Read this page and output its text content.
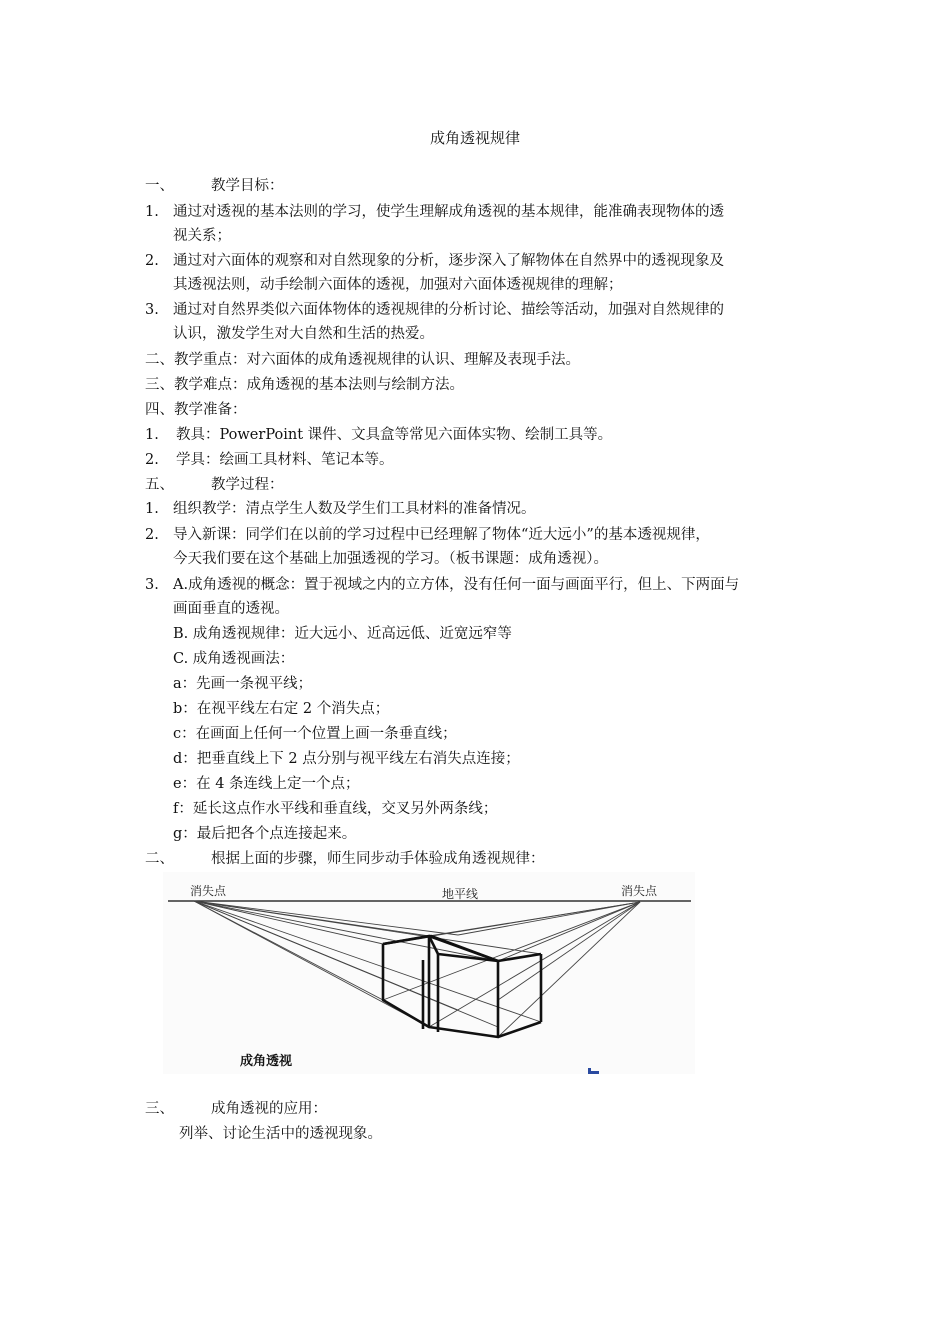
成角透视规律
一、	教学目标：
1. 通过对透视的基本法则的学习，使学生理解成角透视的基本规律，能准确表现物体的透
视关系；
2. 通过对六面体的观察和对自然现象的分析，逐步深入了解物体在自然界中的透视现象及
其透视法则，动手绘制六面体的透视，加强对六面体透视规律的理解；
3. 通过对自然界类似六面体物体的透视规律的分析讨论、描绘等活动，加强对自然规律的
认识，激发学生对大自然和生活的热爱。
二、教学重点：对六面体的成角透视规律的认识、理解及表现手法。
三、教学难点：成角透视的基本法则与绘制方法。
四、教学准备：
1. 教具：PowerPoint 课件、文具盒等常见六面体实物、绘制工具等。
2. 学具：绘画工具材料、笔记本等。
五、	教学过程：
1. 组织教学：清点学生人数及学生们工具材料的准备情况。
2. 导入新课：同学们在以前的学习过程中已经理解了物体“近大远小”的基本透视规律，
今天我们要在这个基础上加强透视的学习。（板书课题：成角透视）。
3. A.成角透视的概念：置于视域之内的立方体，没有任何一面与画面平行，但上、下两面与
画面垂直的透视。
B. 成角透视规律：近大远小、近高远低、近宽远窄等
C. 成角透视画法：
a：先画一条视平线；
b：在视平线左右定 2 个消失点；
c：在画面上任何一个位置上画一条垂直线；
d：把垂直线上下 2 点分别与视平线左右消失点连接；
e：在 4 条连线上定一个点；
f：延长这点作水平线和垂直线，交叉另外两条线；
g：最后把各个点连接起来。
二、	根据上面的步骤，师生同步动手体验成角透视规律：
消失点	地平线	消失点
成角透视
三、	成角透视的应用：
列举、讨论生活中的透视现象。
